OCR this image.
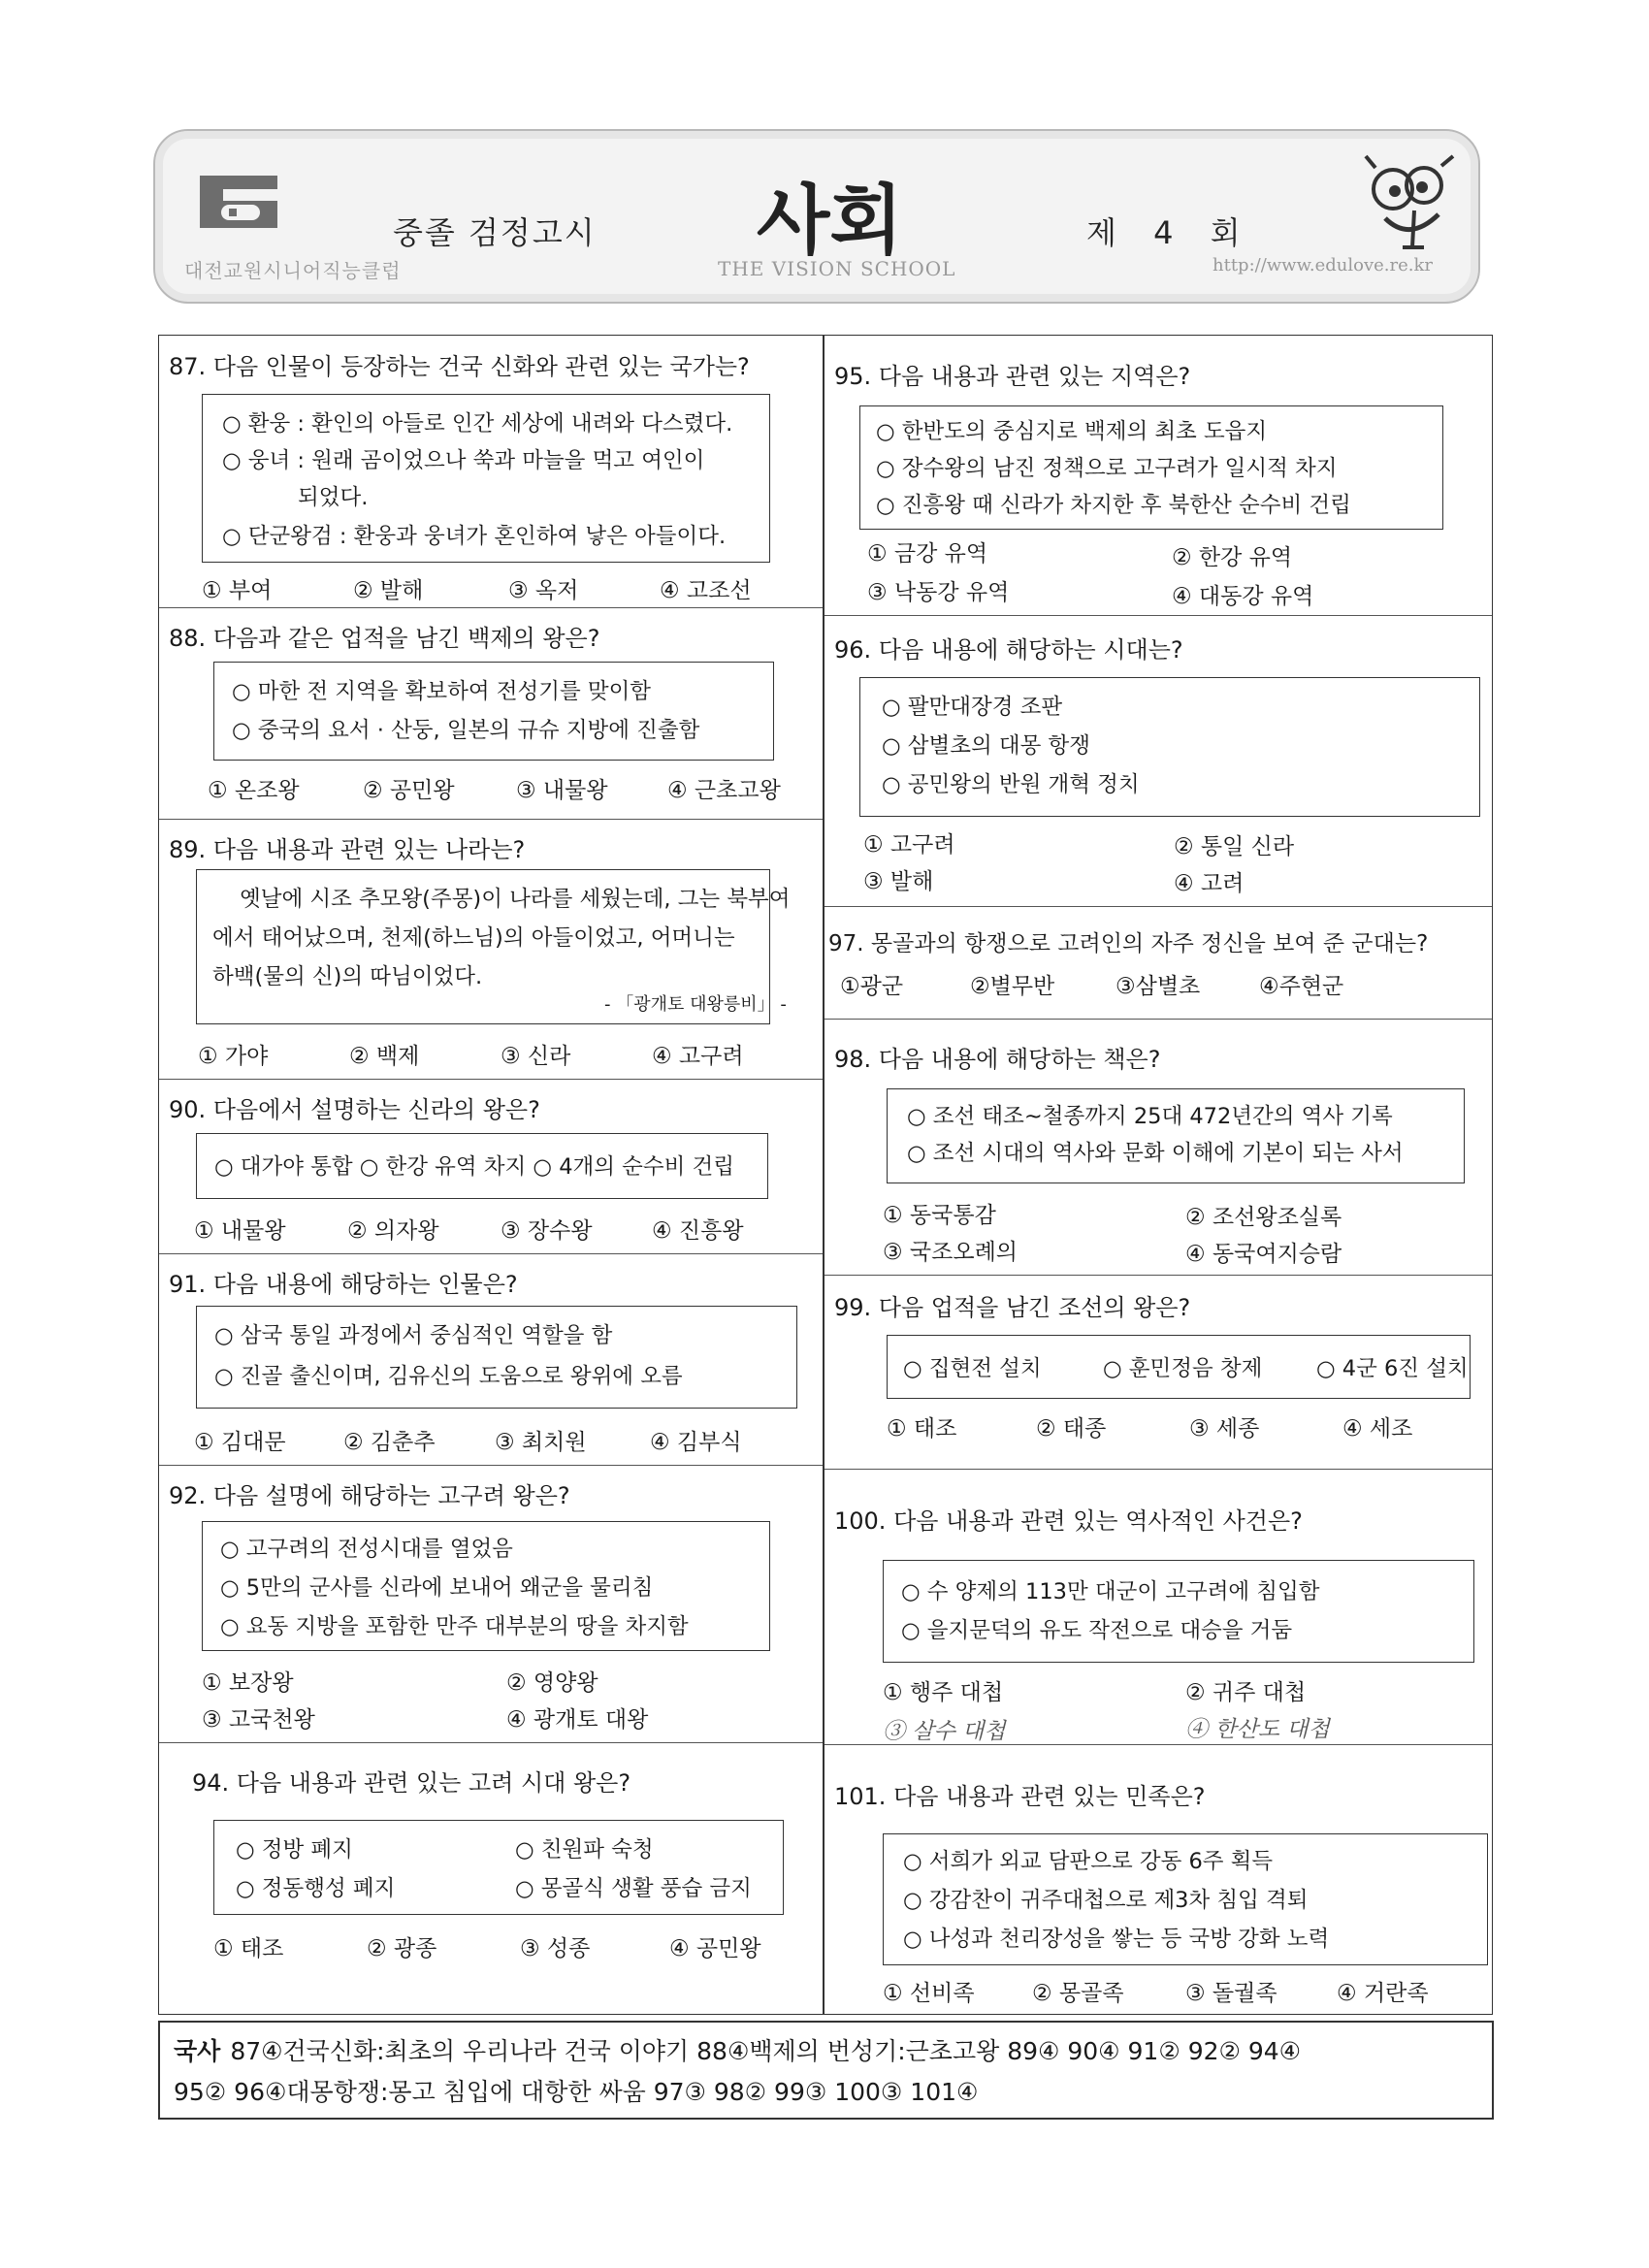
대전교원시니어직능클럽
중졸 검정고시 사회
THE VISION SCHOOL
제 4 회
http://www.edulove.re.kr
87. 다음 인물이 등장하는 건국 신화와 관련 있는 국가는?
○ 환웅 : 환인의 아들로 인간 세상에 내려와 다스렸다.
○ 웅녀 : 원래 곰이었으나 쑥과 마늘을 먹고 여인이
되었다.
○ 단군왕검 : 환웅과 웅녀가 혼인하여 낳은 아들이다.
① 부여	② 발해	③ 옥저	④ 고조선
88. 다음과 같은 업적을 남긴 백제의 왕은?
○ 마한 전 지역을 확보하여 전성기를 맞이함
○ 중국의 요서 · 산둥, 일본의 규슈 지방에 진출함
① 온조왕	② 공민왕	③ 내물왕	④ 근초고왕
89. 다음 내용과 관련 있는 나라는?
옛날에 시조 추모왕(주몽)이 나라를 세웠는데, 그는 북부여
에서 태어났으며, 천제(하느님)의 아들이었고, 어머니는
하백(물의 신)의 따님이었다.
- 「광개토 대왕릉비」 -
① 가야	② 백제	③ 신라	④ 고구려
90. 다음에서 설명하는 신라의 왕은?
○ 대가야 통합 ○ 한강 유역 차지 ○ 4개의 순수비 건립
① 내물왕	② 의자왕	③ 장수왕	④ 진흥왕
91. 다음 내용에 해당하는 인물은?
○ 삼국 통일 과정에서 중심적인 역할을 함
○ 진골 출신이며, 김유신의 도움으로 왕위에 오름
① 김대문	② 김춘추	③ 최치원	④ 김부식
92. 다음 설명에 해당하는 고구려 왕은?
○ 고구려의 전성시대를 열었음
○ 5만의 군사를 신라에 보내어 왜군을 물리침
○ 요동 지방을 포함한 만주 대부분의 땅을 차지함
① 보장왕	② 영양왕
③ 고국천왕	④ 광개토 대왕
94. 다음 내용과 관련 있는 고려 시대 왕은?
○ 정방 폐지	○ 친원파 숙청
○ 정동행성 폐지	○ 몽골식 생활 풍습 금지
① 태조	② 광종	③ 성종	④ 공민왕
95. 다음 내용과 관련 있는 지역은?
○ 한반도의 중심지로 백제의 최초 도읍지
○ 장수왕의 남진 정책으로 고구려가 일시적 차지
○ 진흥왕 때 신라가 차지한 후 북한산 순수비 건립
① 금강 유역	② 한강 유역
③ 낙동강 유역	④ 대동강 유역
96. 다음 내용에 해당하는 시대는?
○ 팔만대장경 조판
○ 삼별초의 대몽 항쟁
○ 공민왕의 반원 개혁 정치
① 고구려	② 통일 신라
③ 발해	④ 고려
97. 몽골과의 항쟁으로 고려인의 자주 정신을 보여 준 군대는?
①광군	②별무반	③삼별초	④주현군
98. 다음 내용에 해당하는 책은?
○ 조선 태조~철종까지 25대 472년간의 역사 기록
○ 조선 시대의 역사와 문화 이해에 기본이 되는 사서
① 동국통감	② 조선왕조실록
③ 국조오례의	④ 동국여지승람
99. 다음 업적을 남긴 조선의 왕은?
○ 집현전 설치	○ 훈민정음 창제 ○ 4군 6진 설치
① 태조	② 태종	③ 세종	④ 세조
100. 다음 내용과 관련 있는 역사적인 사건은?
○ 수 양제의 113만 대군이 고구려에 침입함
○ 을지문덕의 유도 작전으로 대승을 거둠
① 행주 대첩	② 귀주 대첩
③ 살수 대첩	④ 한산도 대첩
101. 다음 내용과 관련 있는 민족은?
○ 서희가 외교 담판으로 강동 6주 획득
○ 강감찬이 귀주대첩으로 제3차 침입 격퇴
○ 나성과 천리장성을 쌓는 등 국방 강화 노력
① 선비족	② 몽골족	③ 돌궐족	④ 거란족
국사 87④건국신화:최초의 우리나라 건국 이야기 88④백제의 번성기:근초고왕 89④ 90④ 91② 92② 94④
95② 96④대몽항쟁:몽고 침입에 대항한 싸움 97③ 98② 99③ 100③ 101④
